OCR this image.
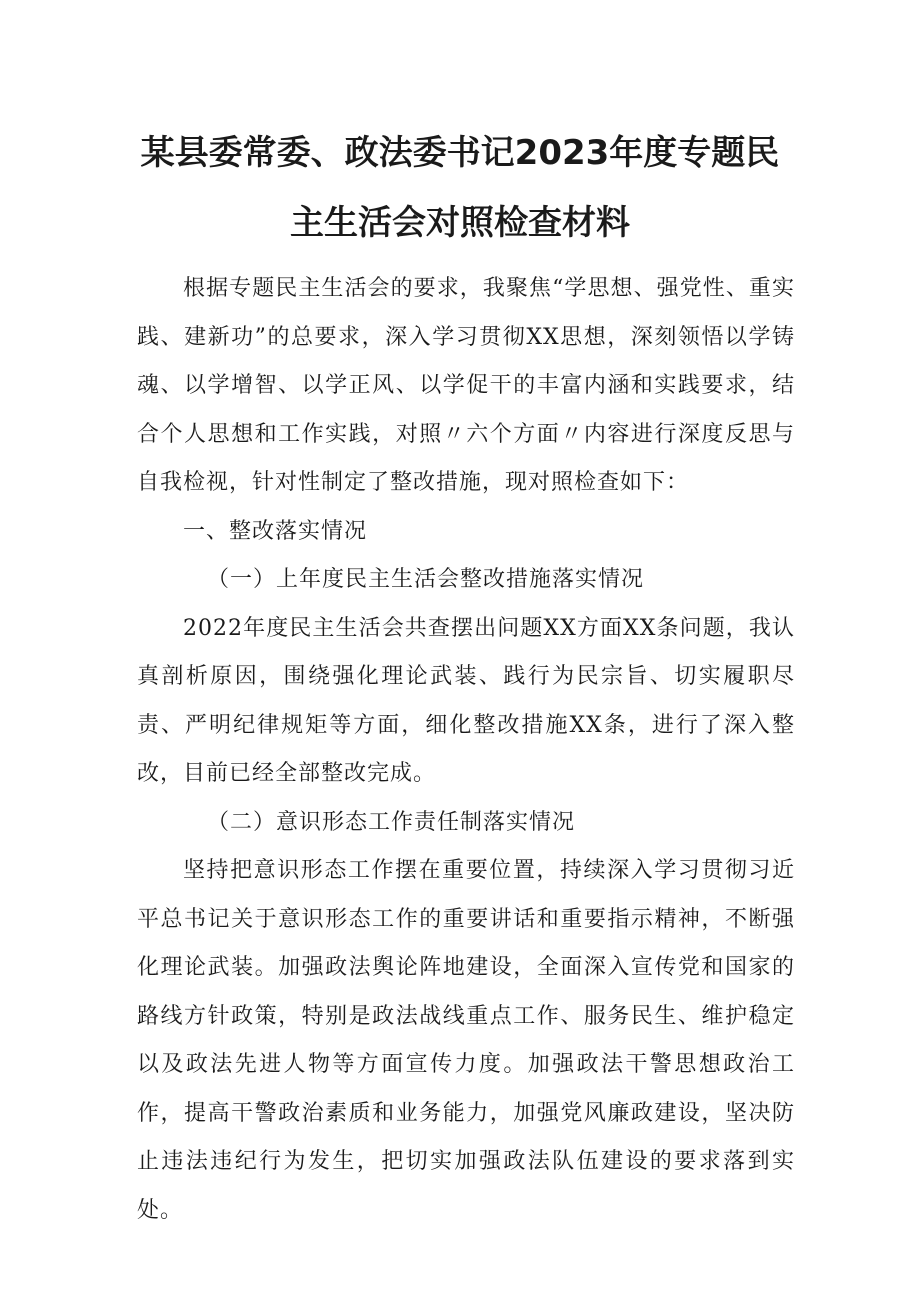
某县委常委、政法委书记2023年度专题民
主生活会对照检查材料

根据专题民主生活会的要求，我聚焦“学思想、强党性、重实践、建新功”的总要求，深入学习贯彻XX思想，深刻领悟以学铸魂、以学增智、以学正风、以学促干的丰富内涵和实践要求，结合个人思想和工作实践，对照〃六个方面〃内容进行深度反思与自我检视，针对性制定了整改措施，现对照检查如下：

一、整改落实情况

（一）上年度民主生活会整改措施落实情况

2022年度民主生活会共查摆出问题XX方面XX条问题，我认真剖析原因，围绕强化理论武装、践行为民宗旨、切实履职尽责、严明纪律规矩等方面，细化整改措施XX条，进行了深入整改，目前已经全部整改完成。

（二）意识形态工作责任制落实情况

坚持把意识形态工作摆在重要位置，持续深入学习贯彻习近平总书记关于意识形态工作的重要讲话和重要指示精神，不断强化理论武装。加强政法舆论阵地建设，全面深入宣传党和国家的路线方针政策，特别是政法战线重点工作、服务民生、维护稳定以及政法先进人物等方面宣传力度。加强政法干警思想政治工作，提高干警政治素质和业务能力，加强党风廉政建设，坚决防止违法违纪行为发生，把切实加强政法队伍建设的要求落到实处。
